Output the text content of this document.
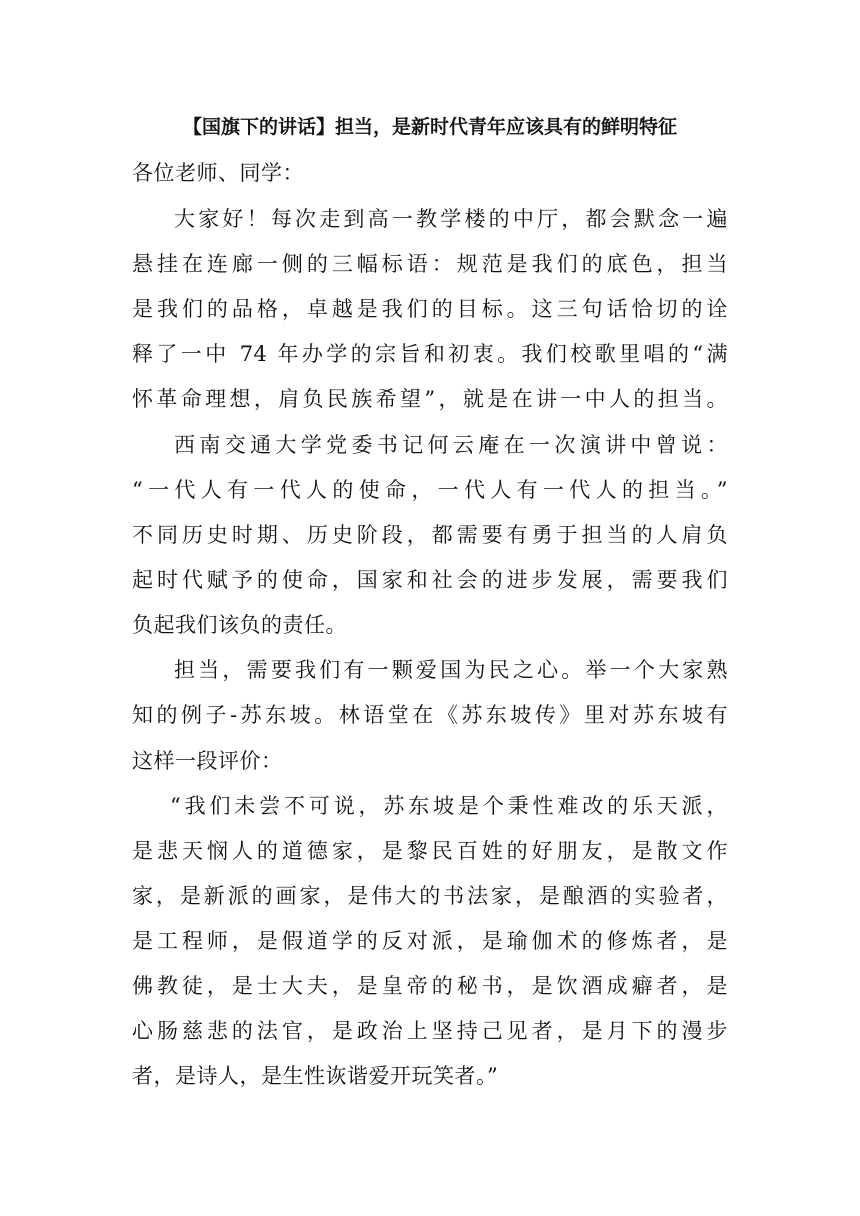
【国旗下的讲话】担当，是新时代青年应该具有的鲜明特征
各位老师、同学：
大家好！每次走到高一教学楼的中厅，都会默念一遍
悬挂在连廊一侧的三幅标语：规范是我们的底色，担当
是我们的品格，卓越是我们的目标。这三句话恰切的诠
释了一中 74 年办学的宗旨和初衷。我们校歌里唱的“满
怀革命理想，肩负民族希望”，就是在讲一中人的担当。
西南交通大学党委书记何云庵在一次演讲中曾说：
“一代人有一代人的使命，一代人有一代人的担当。”
不同历史时期、历史阶段，都需要有勇于担当的人肩负
起时代赋予的使命，国家和社会的进步发展，需要我们
负起我们该负的责任。
担当，需要我们有一颗爱国为民之心。举一个大家熟
知的例子-苏东坡。林语堂在《苏东坡传》里对苏东坡有
这样一段评价：
“我们未尝不可说，苏东坡是个秉性难改的乐天派，
是悲天悯人的道德家，是黎民百姓的好朋友，是散文作
家，是新派的画家，是伟大的书法家，是酿酒的实验者，
是工程师，是假道学的反对派，是瑜伽术的修炼者，是
佛教徒，是士大夫，是皇帝的秘书，是饮酒成癖者，是
心肠慈悲的法官，是政治上坚持己见者，是月下的漫步
者，是诗人，是生性诙谐爱开玩笑者。”
